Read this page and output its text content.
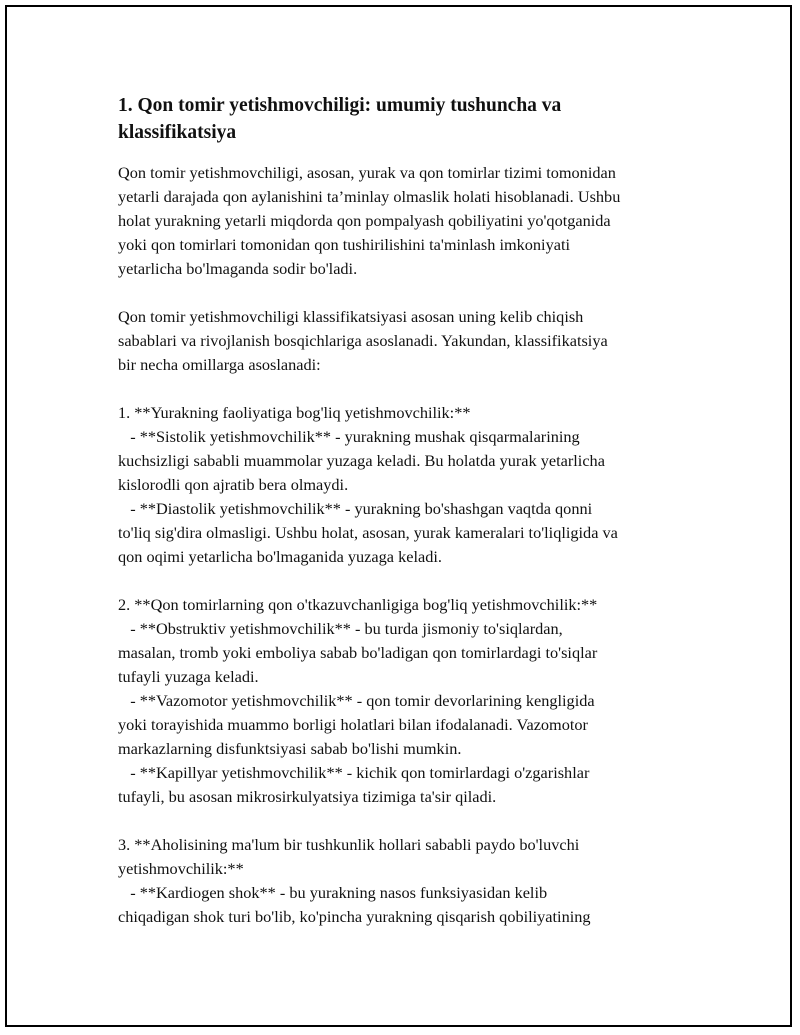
1. Qon tomir yetishmovchiligi: umumiy tushuncha va
klassifikatsiya
Qon tomir yetishmovchiligi, asosan, yurak va qon tomirlar tizimi tomonidan
yetarli darajada qon aylanishini ta’minlay olmaslik holati hisoblanadi. Ushbu
holat yurakning yetarli miqdorda qon pompalyash qobiliyatini yo'qotganida
yoki qon tomirlari tomonidan qon tushirilishini ta'minlash imkoniyati
yetarlicha bo'lmaganda sodir bo'ladi.
Qon tomir yetishmovchiligi klassifikatsiyasi asosan uning kelib chiqish
sabablari va rivojlanish bosqichlariga asoslanadi. Yakundan, klassifikatsiya
bir necha omillarga asoslanadi:
1. **Yurakning faoliyatiga bog'liq yetishmovchilik:**
- **Sistolik yetishmovchilik** - yurakning mushak qisqarmalarining
kuchsizligi sababli muammolar yuzaga keladi. Bu holatda yurak yetarlicha
kislorodli qon ajratib bera olmaydi.
- **Diastolik yetishmovchilik** - yurakning bo'shashgan vaqtda qonni
to'liq sig'dira olmasligi. Ushbu holat, asosan, yurak kameralari to'liqligida va
qon oqimi yetarlicha bo'lmaganida yuzaga keladi.
2. **Qon tomirlarning qon o'tkazuvchanligiga bog'liq yetishmovchilik:**
- **Obstruktiv yetishmovchilik** - bu turda jismoniy to'siqlardan,
masalan, tromb yoki emboliya sabab bo'ladigan qon tomirlardagi to'siqlar
tufayli yuzaga keladi.
- **Vazomotor yetishmovchilik** - qon tomir devorlarining kengligida
yoki torayishida muammo borligi holatlari bilan ifodalanadi. Vazomotor
markazlarning disfunktsiyasi sabab bo'lishi mumkin.
- **Kapillyar yetishmovchilik** - kichik qon tomirlardagi o'zgarishlar
tufayli, bu asosan mikrosirkulyatsiya tizimiga ta'sir qiladi.
3. **Aholisining ma'lum bir tushkunlik hollari sababli paydo bo'luvchi
yetishmovchilik:**
- **Kardiogen shok** - bu yurakning nasos funksiyasidan kelib
chiqadigan shok turi bo'lib, ko'pincha yurakning qisqarish qobiliyatining
